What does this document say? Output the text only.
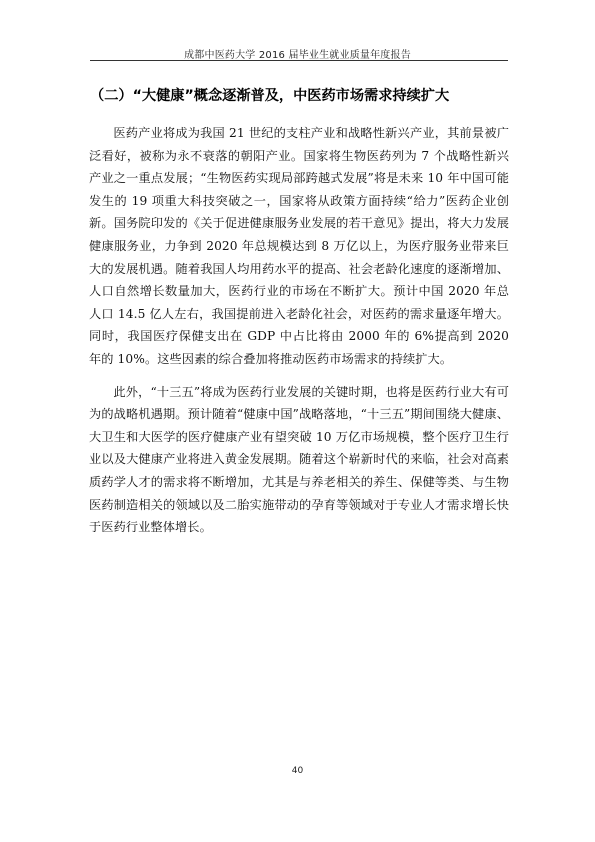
成都中医药大学 2016 届毕业生就业质量年度报告
（二）“大健康”概念逐渐普及，中医药市场需求持续扩大

医药产业将成为我国 21 世纪的支柱产业和战略性新兴产业，其前景被广泛看好，被称为永不衰落的朝阳产业。国家将生物医药列为 7 个战略性新兴产业之一重点发展；“生物医药实现局部跨越式发展”将是未来 10 年中国可能发生的 19 项重大科技突破之一，国家将从政策方面持续“给力”医药企业创新。国务院印发的《关于促进健康服务业发展的若干意见》提出，将大力发展健康服务业，力争到 2020 年总规模达到 8 万亿以上，为医疗服务业带来巨大的发展机遇。随着我国人均用药水平的提高、社会老龄化速度的逐渐增加、人口自然增长数量加大，医药行业的市场在不断扩大。预计中国 2020 年总人口 14.5 亿人左右，我国提前进入老龄化社会，对医药的需求量逐年增大。同时，我国医疗保健支出在 GDP 中占比将由 2000 年的 6%提高到 2020 年的 10%。这些因素的综合叠加将推动医药市场需求的持续扩大。

此外，“十三五”将成为医药行业发展的关键时期，也将是医药行业大有可为的战略机遇期。预计随着“健康中国”战略落地，“十三五”期间围绕大健康、大卫生和大医学的医疗健康产业有望突破 10 万亿市场规模，整个医疗卫生行业以及大健康产业将进入黄金发展期。随着这个崭新时代的来临，社会对高素质药学人才的需求将不断增加，尤其是与养老相关的养生、保健等类、与生物医药制造相关的领域以及二胎实施带动的孕育等领域对于专业人才需求增长快于医药行业整体增长。

40
